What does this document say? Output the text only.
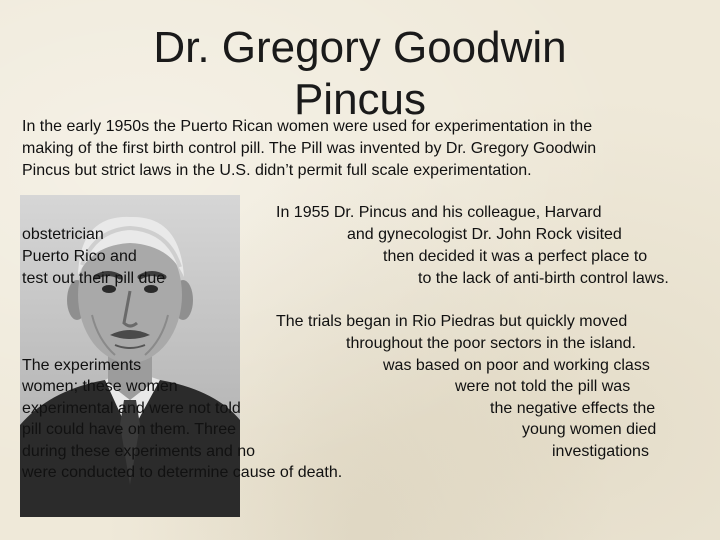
Dr. Gregory Goodwin
Pincus
In the early 1950s the Puerto Rican women were used for experimentation in the
making of the first birth control pill. The Pill was invented by Dr. Gregory Goodwin
Pincus but strict laws in the U.S. didn’t permit full scale experimentation.
In 1955 Dr. Pincus and his colleague, Harvard
obstetrician	and gynecologist Dr. John Rock visited
Puerto Rico and	then decided it was a perfect place to
test out their pill due	to the lack of anti-birth control laws.
The trials began in Rio Piedras but quickly moved
throughout the poor sectors in the island.
The experiments	was based on poor and working class
women; these women	were not told the pill was
experimental and were not told	the negative effects the
pill could have on them. Three	young women died
during these experiments and no	investigations
were conducted to determine cause of death.
